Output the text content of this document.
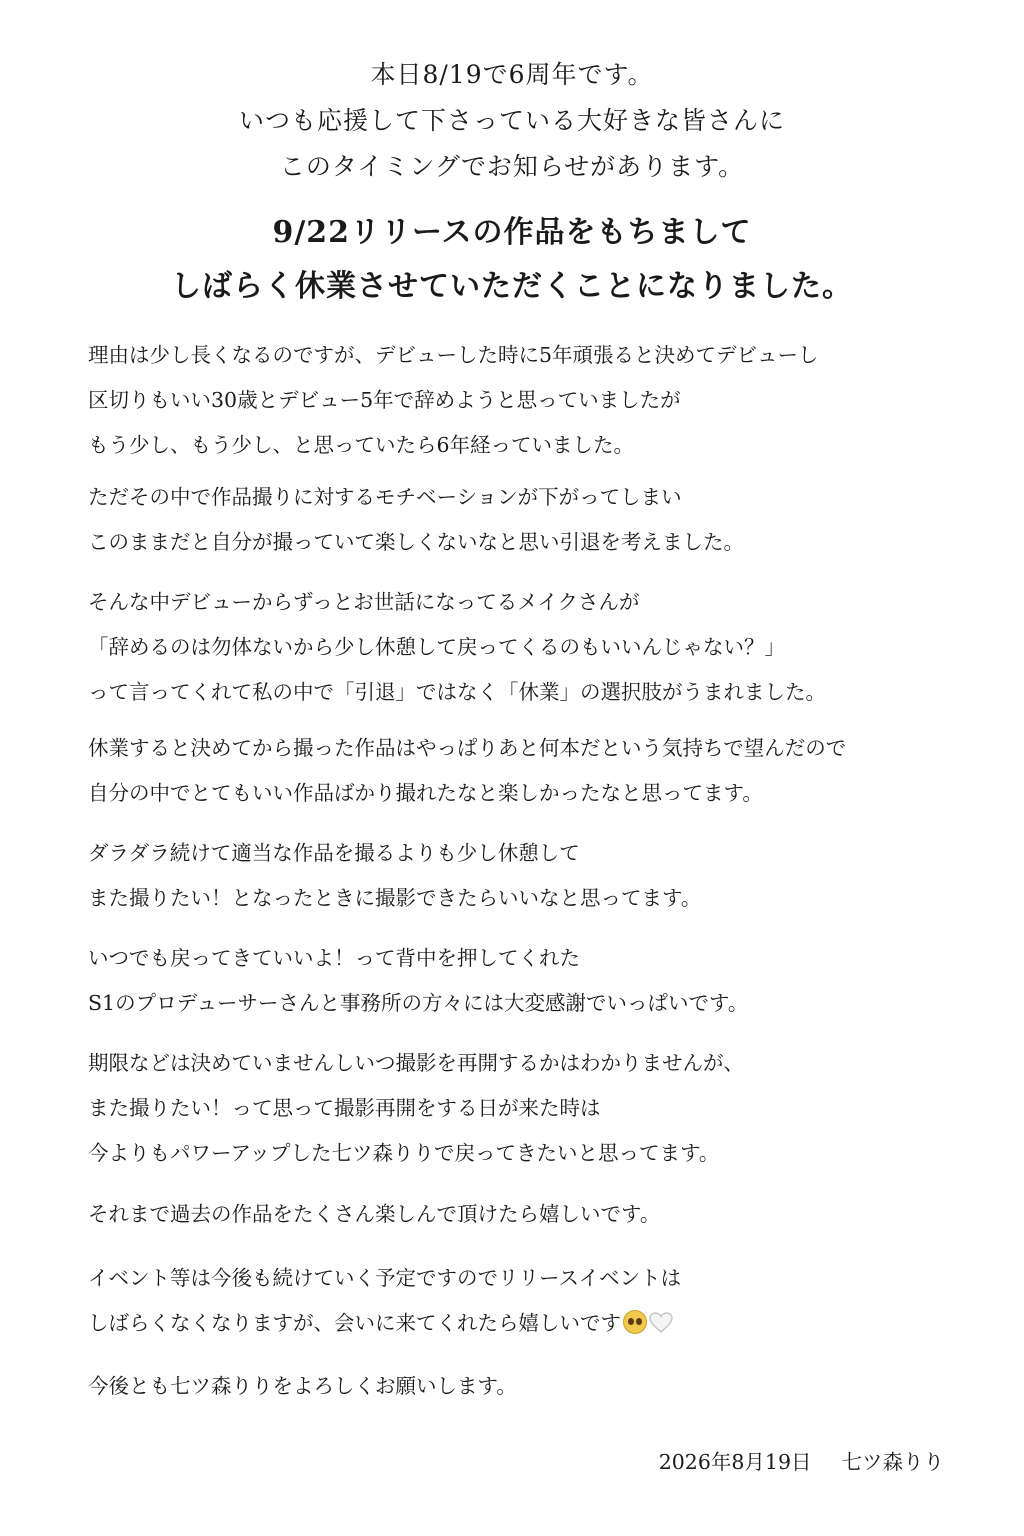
本日8/19で6周年です。
いつも応援して下さっている大好きな皆さんに
このタイミングでお知らせがあります。
9/22リリースの作品をもちまして
しばらく休業させていただくことになりました。
理由は少し長くなるのですが、デビューした時に5年頑張ると決めてデビューし
区切りもいい30歳とデビュー5年で辞めようと思っていましたが
もう少し、もう少し、と思っていたら6年経っていました。
ただその中で作品撮りに対するモチベーションが下がってしまい
このままだと自分が撮っていて楽しくないなと思い引退を考えました。
そんな中デビューからずっとお世話になってるメイクさんが
「辞めるのは勿体ないから少し休憩して戻ってくるのもいいんじゃない？」
って言ってくれて私の中で「引退」ではなく「休業」の選択肢がうまれました。
休業すると決めてから撮った作品はやっぱりあと何本だという気持ちで望んだので
自分の中でとてもいい作品ばかり撮れたなと楽しかったなと思ってます。
ダラダラ続けて適当な作品を撮るよりも少し休憩して
また撮りたい！となったときに撮影できたらいいなと思ってます。
いつでも戻ってきていいよ！って背中を押してくれた
S1のプロデューサーさんと事務所の方々には大変感謝でいっぱいです。
期限などは決めていませんしいつ撮影を再開するかはわかりませんが、
また撮りたい！って思って撮影再開をする日が来た時は
今よりもパワーアップした七ツ森りりで戻ってきたいと思ってます。
それまで過去の作品をたくさん楽しんで頂けたら嬉しいです。
イベント等は今後も続けていく予定ですのでリリースイベントは
しばらくなくなりますが、会いに来てくれたら嬉しいです
今後とも七ツ森りりをよろしくお願いします。
2026年8月19日 七ツ森りり
